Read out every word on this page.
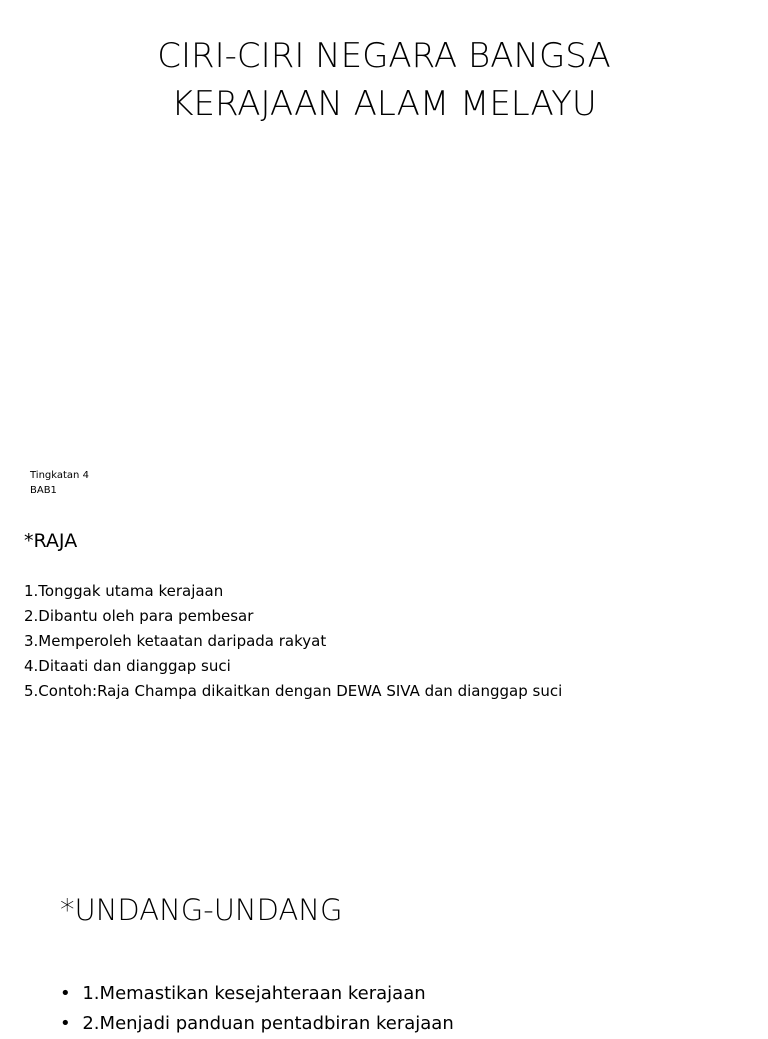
CIRI-CIRI NEGARA BANGSA
KERAJAAN ALAM MELAYU
Tingkatan 4
BAB1
*RAJA
1.Tonggak utama kerajaan
2.Dibantu oleh para pembesar
3.Memperoleh ketaatan daripada rakyat
4.Ditaati dan dianggap suci
5.Contoh:Raja Champa dikaitkan dengan DEWA SIVA dan dianggap suci
*UNDANG-UNDANG
• 1.Memastikan kesejahteraan kerajaan
• 2.Menjadi panduan pentadbiran kerajaan
